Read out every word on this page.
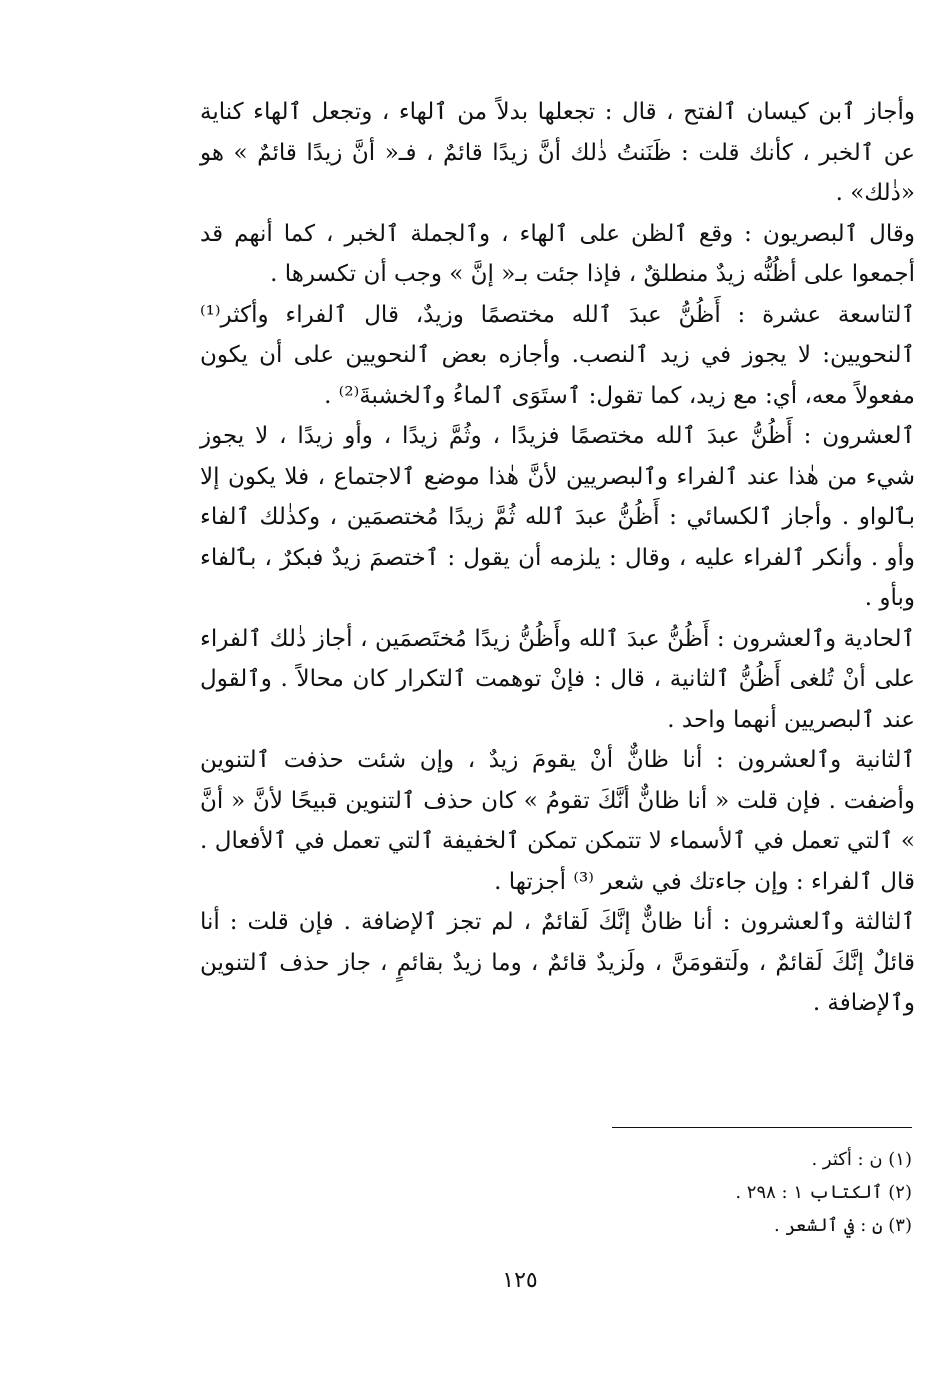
وأجاز ٱبن كيسان ٱلفتح ، قال : تجعلها بدلاً من ٱلهاء ، وتجعل ٱلهاء كناية عن ٱلخبر ، كأنك قلت : ظَنَنتُ ذٰلك أنَّ زيدًا قائمٌ ، فـ« أنَّ زيدًا قائمٌ » هو «ذٰلك» .
وقال ٱلبصريون : وقع ٱلظن على ٱلهاء ، وٱلجملة ٱلخبر ، كما أنهم قد أجمعوا على أظُنُّه زيدٌ منطلقٌ ، فإذا جئت بـ« إنَّ » وجب أن تكسرها .
ٱلتاسعة عشرة : أَظُنُّ عبدَ ٱلله مختصمًا وزيدٌ، قال ٱلفراء وأكثر⁽¹⁾ ٱلنحويين: لا يجوز في زيد ٱلنصب. وأجازه بعض ٱلنحويين على أن يكون مفعولاً معه، أي: مع زيد، كما تقول: ٱستَوَى ٱلماءُ وٱلخشبةَ⁽²⁾ .
ٱلعشرون : أَظُنُّ عبدَ ٱلله مختصمًا فزيدًا ، وثُمَّ زيدًا ، وأو زيدًا ، لا يجوز شيء من هٰذا عند ٱلفراء وٱلبصريين لأنَّ هٰذا موضع ٱلاجتماع ، فلا يكون إلا بٱلواو . وأجاز ٱلكسائي : أَظُنُّ عبدَ ٱلله ثُمَّ زيدًا مُختصمَين ، وكذٰلك ٱلفاء وأو . وأنكر ٱلفراء عليه ، وقال : يلزمه أن يقول : ٱختصمَ زيدٌ فبكرٌ ، بٱلفاء وبأو .
ٱلحادية وٱلعشرون : أَظُنُّ عبدَ ٱلله وأَظُنُّ زيدًا مُختَصمَين ، أجاز ذٰلك ٱلفراء على أنْ تُلغى أَظُنُّ ٱلثانية ، قال : فإنْ توهمت ٱلتكرار كان محالاً . وٱلقول عند ٱلبصريين أنهما واحد .
ٱلثانية وٱلعشرون : أنا ظانٌّ أنْ يقومَ زيدٌ ، وإن شئت حذفت ٱلتنوين وأضفت . فإن قلت « أنا ظانٌّ أنَّكَ تقومُ » كان حذف ٱلتنوين قبيحًا لأنَّ « أنَّ » ٱلتي تعمل في ٱلأسماء لا تتمكن تمكن ٱلخفيفة ٱلتي تعمل في ٱلأفعال . قال ٱلفراء : وإن جاءتك في شعر ⁽³⁾ أجزتها .
ٱلثالثة وٱلعشرون : أنا ظانٌّ إنَّكَ لَقائمٌ ، لم تجز ٱلإضافة . فإن قلت : أنا قائلٌ إنَّكَ لَقائمٌ ، ولَتقومَنَّ ، ولَزيدٌ قائمٌ ، وما زيدٌ بقائمٍ ، جاز حذف ٱلتنوين وٱلإضافة .
(١) ن : أكثر .
(٢) ٱلكتاب ١ : ٢٩٨ .
(٣) ن : في ٱلشعر .
١٢٥
